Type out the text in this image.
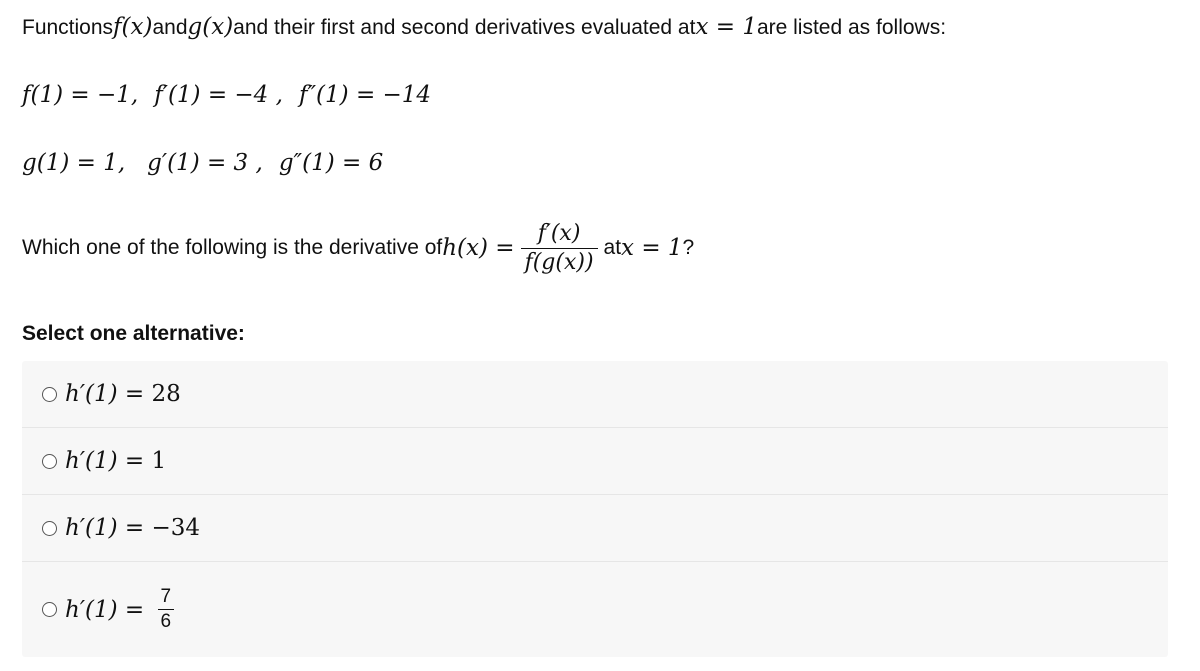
Functions f(x) and g(x) and their first and second derivatives evaluated at x = 1 are listed as follows:
f(1) = −1, f′(1) = −4 , f″(1) = −14
g(1) = 1, g′(1) = 3 , g″(1) = 6
Which one of the following is the derivative of $h(x) = \frac{f'(x)}{f(g(x))}$ at x = 1 ?
Select one alternative:
h′(1) = 28
h′(1) = 1
h′(1) = −34
$h'(1) = \frac{7}{6}$
